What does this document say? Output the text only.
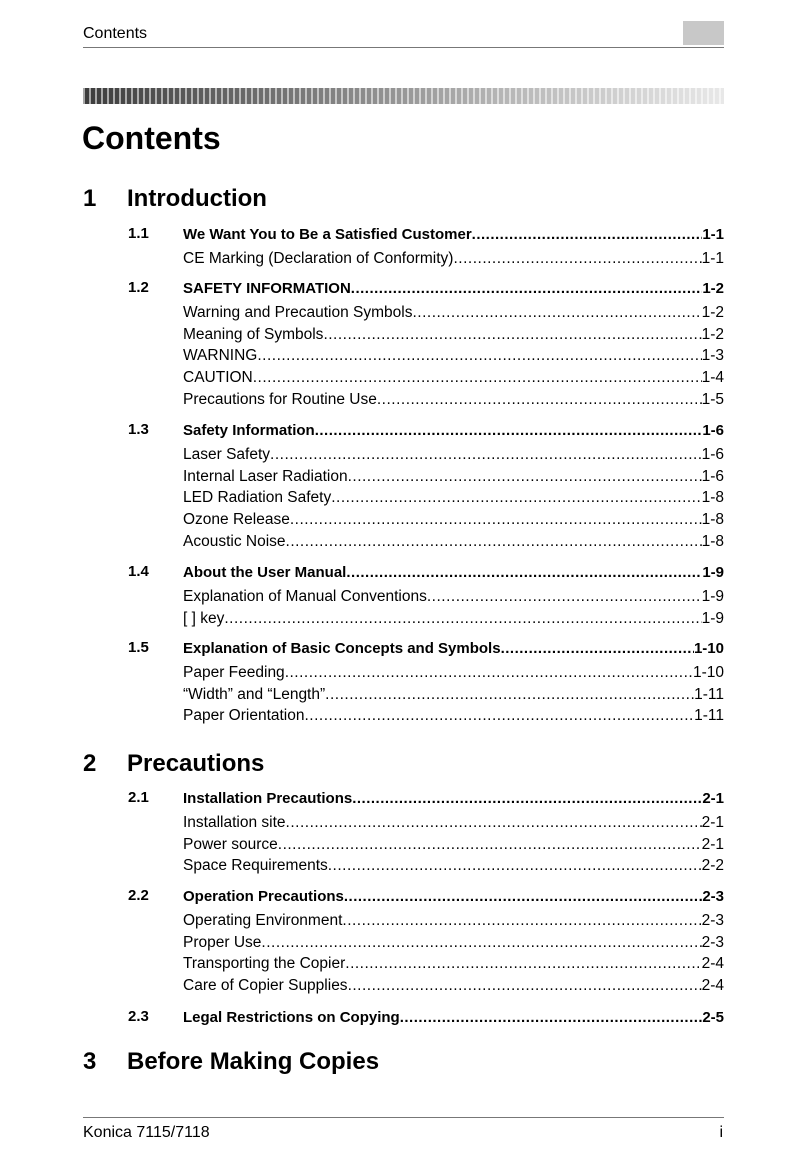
Contents
Contents
1 Introduction
1.1 We Want You to Be a Satisfied Customer .....	1-1
CE Marking (Declaration of Conformity) .....	1-1
1.2 SAFETY INFORMATION .....	1-2
Warning and Precaution Symbols .....	1-2
Meaning of Symbols .....	1-2
WARNING .....	1-3
CAUTION .....	1-4
Precautions for Routine Use .....	1-5
1.3 Safety Information .....	1-6
Laser Safety .....	1-6
Internal Laser Radiation .....	1-6
LED Radiation Safety .....	1-8
Ozone Release .....	1-8
Acoustic Noise .....	1-8
1.4 About the User Manual .....	1-9
Explanation of Manual Conventions .....	1-9
[ ] key .....	1-9
1.5 Explanation of Basic Concepts and Symbols .....	1-10
Paper Feeding .....	1-10
“Width” and “Length” .....	1-11
Paper Orientation .....	1-11
2 Precautions
2.1 Installation Precautions .....	2-1
Installation site .....	2-1
Power source .....	2-1
Space Requirements .....	2-2
2.2 Operation Precautions .....	2-3
Operating Environment .....	2-3
Proper Use .....	2-3
Transporting the Copier .....	2-4
Care of Copier Supplies .....	2-4
2.3 Legal Restrictions on Copying .....	2-5
3 Before Making Copies
Konica 7115/7118	i
